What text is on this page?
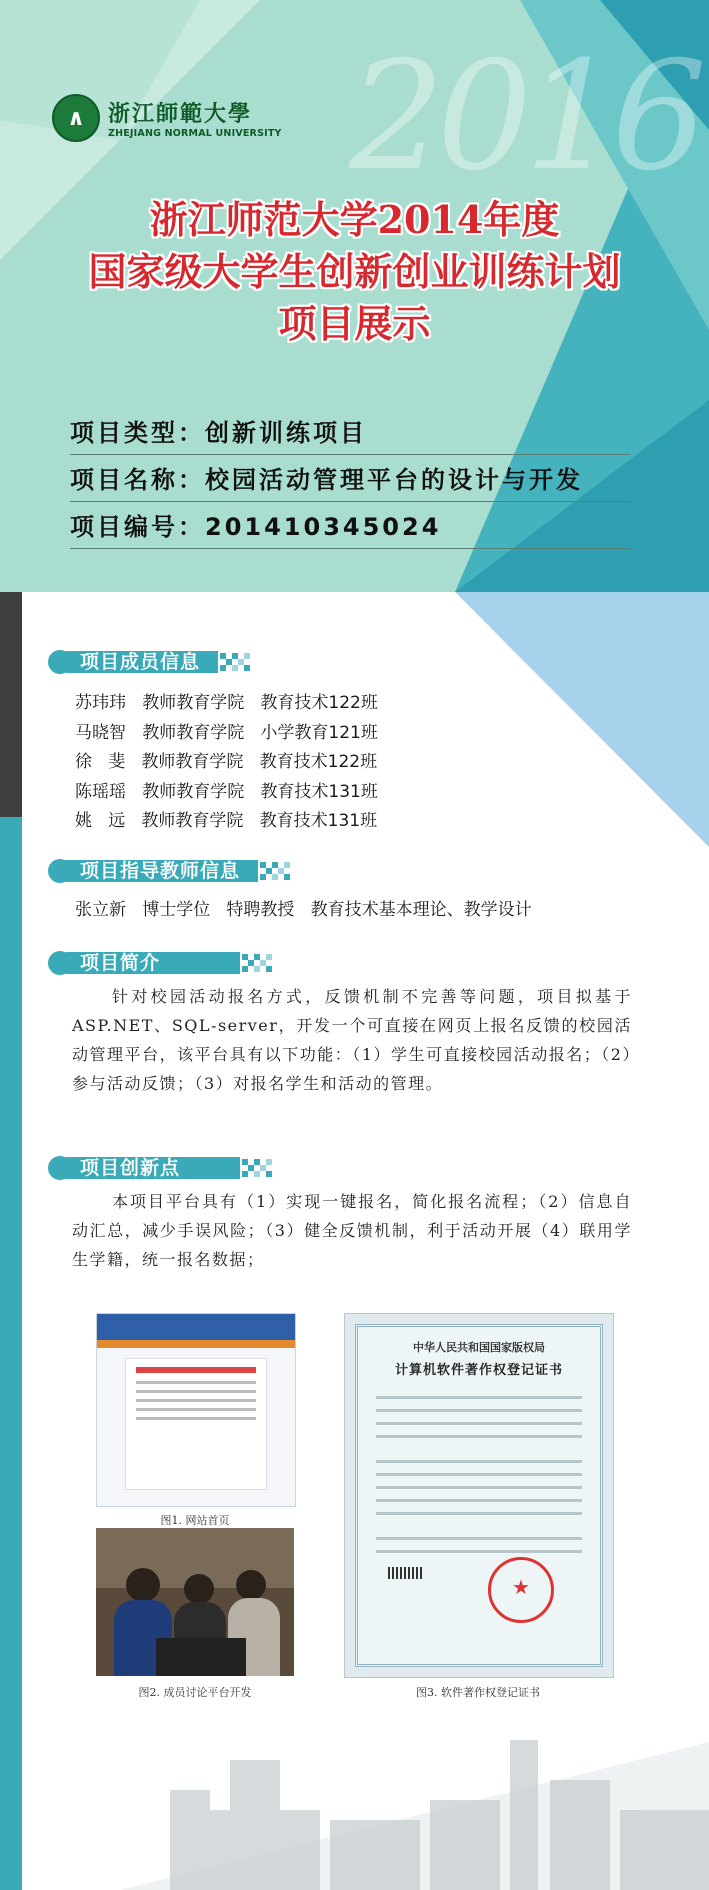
2016
∧	浙江師範大學
ZHEJIANG NORMAL UNIVERSITY
浙江师范大学2014年度
国家级大学生创新创业训练计划
项目展示
项目类型：创新训练项目
项目名称：校园活动管理平台的设计与开发
项目编号：201410345024
项目成员信息
苏玮玮   教师教育学院   教育技术122班
马晓智   教师教育学院   小学教育121班
徐   斐   教师教育学院   教育技术122班
陈瑶瑶   教师教育学院   教育技术131班
姚   远   教师教育学院   教育技术131班
项目指导教师信息
张立新   博士学位   特聘教授   教育技术基本理论、教学设计
项目简介
针对校园活动报名方式，反馈机制不完善等问题，项目拟基于ASP.NET、SQL-server，开发一个可直接在网页上报名反馈的校园活动管理平台，该平台具有以下功能：（1）学生可直接校园活动报名；（2）参与活动反馈；（3）对报名学生和活动的管理。
项目创新点
本项目平台具有（1）实现一键报名，简化报名流程；（2）信息自动汇总，减少手误风险；（3）健全反馈机制，利于活动开展（4）联用学生学籍，统一报名数据；
图1. 网站首页
图2. 成员讨论平台开发
中华人民共和国国家版权局
计算机软件著作权登记证书
★
图3. 软件著作权登记证书
